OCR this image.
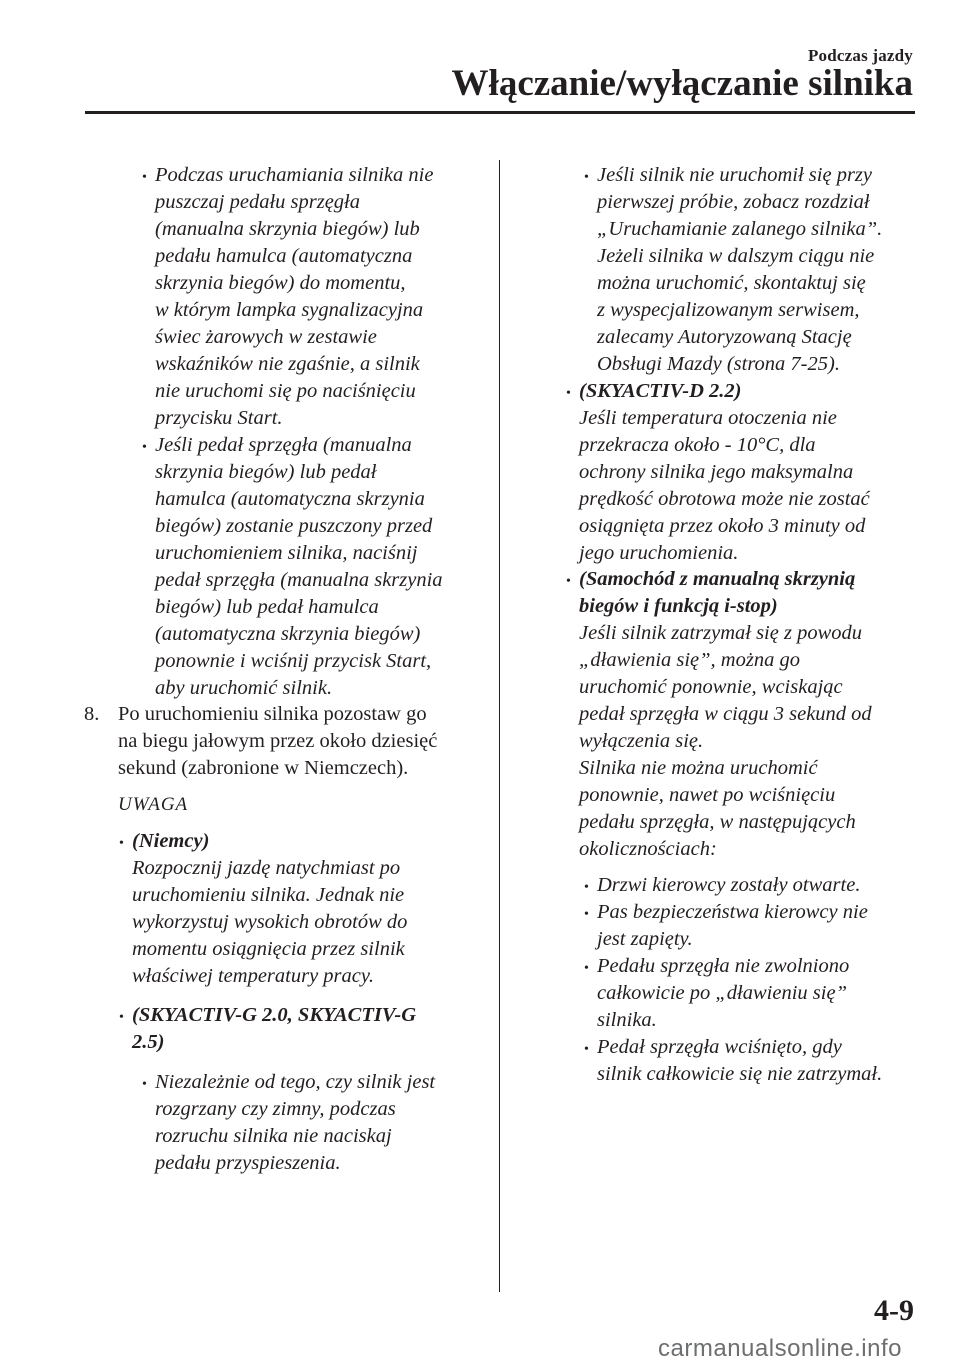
Podczas jazdy
Włączanie/wyłączanie silnika
• Podczas uruchamiania silnika nie

puszczaj pedału sprzęgła

(manualna skrzynia biegów) lub

pedału hamulca (automatyczna

skrzynia biegów) do momentu,

w którym lampka sygnalizacyjna

świec żarowych w zestawie

wskaźników nie zgaśnie, a silnik

nie uruchomi się po naciśnięciu

przycisku Start.

• Jeśli pedał sprzęgła (manualna

skrzynia biegów) lub pedał

hamulca (automatyczna skrzynia

biegów) zostanie puszczony przed

uruchomieniem silnika, naciśnij

pedał sprzęgła (manualna skrzynia

biegów) lub pedał hamulca

(automatyczna skrzynia biegów)

ponownie i wciśnij przycisk Start,

aby uruchomić silnik.

8. Po uruchomieniu silnika pozostaw go

na biegu jałowym przez około dziesięć

sekund (zabronione w Niemczech).

UWAGA
• (Niemcy)

Rozpocznij jazdę natychmiast po

uruchomieniu silnika. Jednak nie

wykorzystuj wysokich obrotów do

momentu osiągnięcia przez silnik

właściwej temperatury pracy.

• (SKYACTIV-G 2.0, SKYACTIV-G

2.5)

• Niezależnie od tego, czy silnik jest

rozgrzany czy zimny, podczas

rozruchu silnika nie naciskaj

pedału przyspieszenia.

• Jeśli silnik nie uruchomił się przy

pierwszej próbie, zobacz rozdział

„Uruchamianie zalanego silnika”.

Jeżeli silnika w dalszym ciągu nie

można uruchomić, skontaktuj się

z wyspecjalizowanym serwisem,

zalecamy Autoryzowaną Stację

Obsługi Mazdy (strona 7-25).

• (SKYACTIV-D 2.2)

Jeśli temperatura otoczenia nie

przekracza około - 10°C, dla

ochrony silnika jego maksymalna

prędkość obrotowa może nie zostać

osiągnięta przez około 3 minuty od

jego uruchomienia.

• (Samochód z manualną skrzynią

biegów i funkcją i-stop)

Jeśli silnik zatrzymał się z powodu

„dławienia się”, można go

uruchomić ponownie, wciskając

pedał sprzęgła w ciągu 3 sekund od

wyłączenia się.

Silnika nie można uruchomić

ponownie, nawet po wciśnięciu

pedału sprzęgła, w następujących

okolicznościach:

• Drzwi kierowcy zostały otwarte.

• Pas bezpieczeństwa kierowcy nie

jest zapięty.

• Pedału sprzęgła nie zwolniono

całkowicie po „dławieniu się”

silnika.

• Pedał sprzęgła wciśnięto, gdy

silnik całkowicie się nie zatrzymał.

4-9
carmanualsonline.info
